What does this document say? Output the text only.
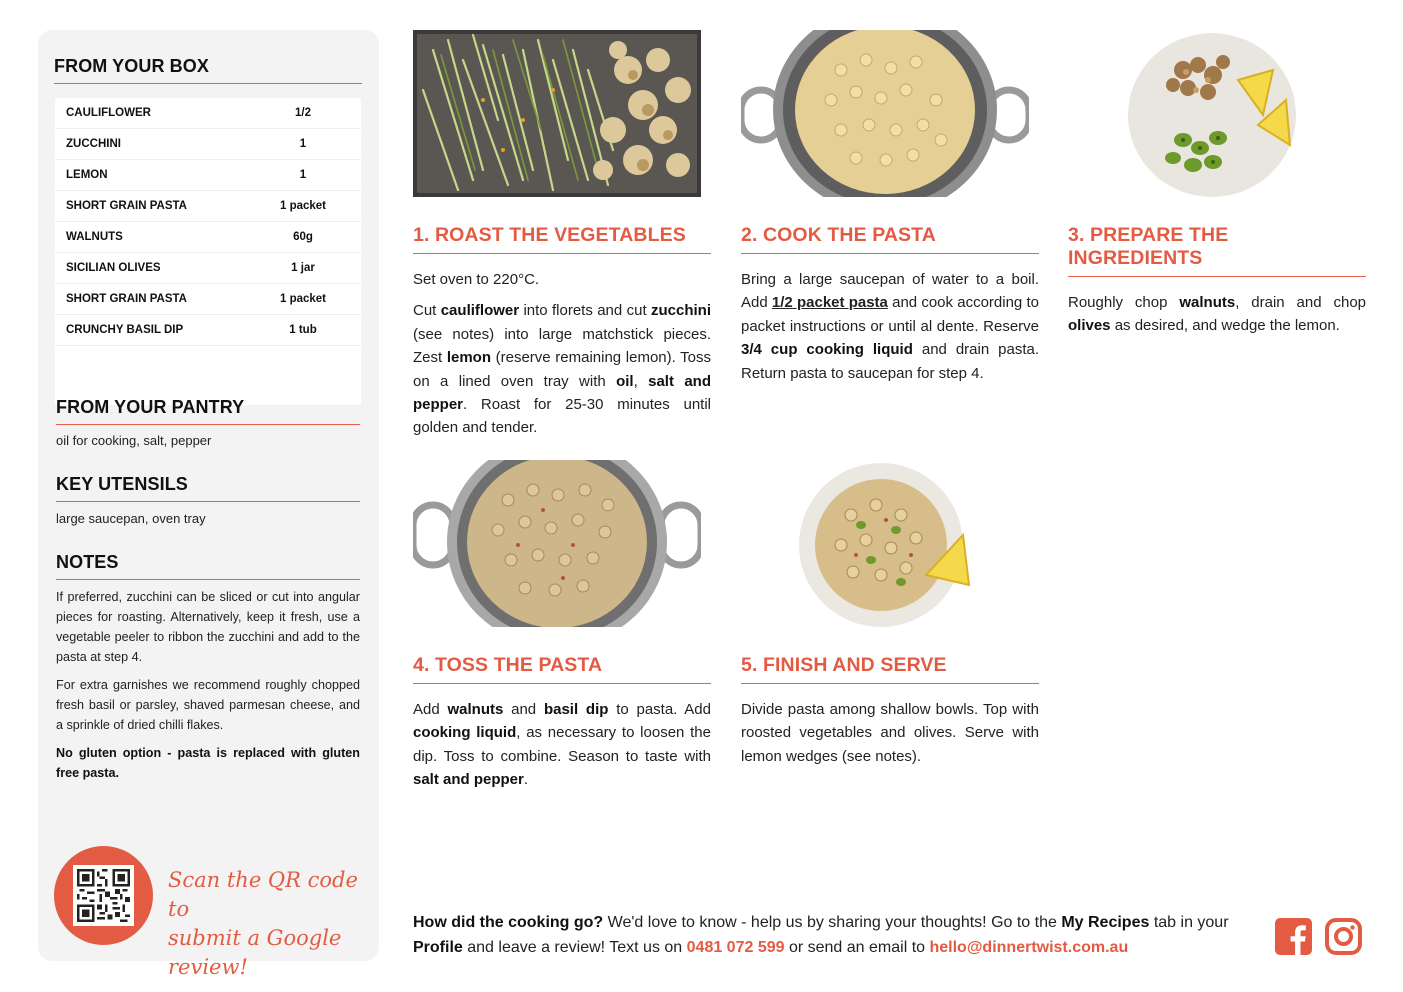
FROM YOUR BOX
CAULIFLOWER	1/2
ZUCCHINI	1
LEMON	1
SHORT GRAIN PASTA	1 packet
WALNUTS	60g
SICILIAN OLIVES	1 jar
SHORT GRAIN PASTA	1 packet
CRUNCHY BASIL DIP	1 tub
FROM YOUR PANTRY
oil for cooking, salt, pepper
KEY UTENSILS
large saucepan, oven tray
NOTES

If preferred, zucchini can be sliced or cut into angular pieces for roasting. Alternatively, keep it fresh, use a vegetable peeler to ribbon the zucchini and add to the pasta at step 4.

For extra garnishes we recommend roughly chopped fresh basil or parsley, shaved parmesan cheese, and a sprinkle of dried chilli flakes.

No gluten option - pasta is replaced with gluten free pasta.

Scan the QR code to
submit a Google review!
1. ROAST THE VEGETABLES

Set oven to 220°C.

Cut cauliflower into florets and cut zucchini (see notes) into large matchstick pieces. Zest lemon (reserve remaining lemon). Toss on a lined oven tray with oil, salt and pepper. Roast for 25-30 minutes until golden and tender.

2. COOK THE PASTA

Bring a large saucepan of water to a boil. Add 1/2 packet pasta and cook according to packet instructions or until al dente. Reserve 3/4 cup cooking liquid and drain pasta. Return pasta to saucepan for step 4.

3. PREPARE THE INGREDIENTS

Roughly chop walnuts, drain and chop olives as desired, and wedge the lemon.

4. TOSS THE PASTA

Add walnuts and basil dip to pasta. Add cooking liquid, as necessary to loosen the dip. Toss to combine. Season to taste with salt and pepper.

5. FINISH AND SERVE

Divide pasta among shallow bowls. Top with roosted vegetables and olives. Serve with lemon wedges (see notes).

How did the cooking go? We'd love to know - help us by sharing your thoughts! Go to the My Recipes tab in your Profile and leave a review! Text us on 0481 072 599 or send an email to hello@dinnertwist.com.au
